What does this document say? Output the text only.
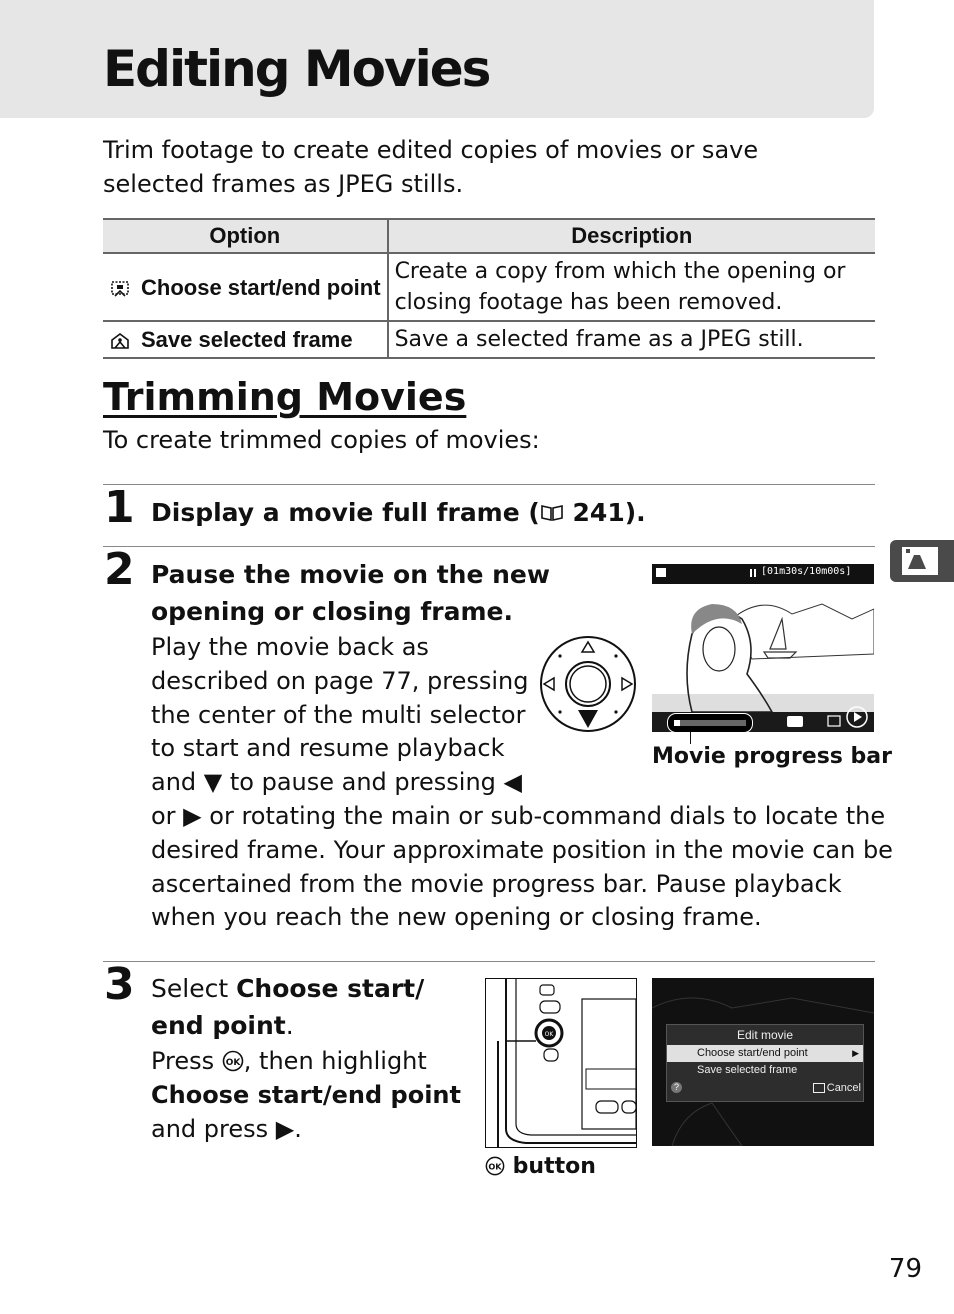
Editing Movies
Trim footage to create edited copies of movies or save selected frames as JPEG stills.
Option	Description
Choose start/end point	Create a copy from which the opening or closing footage has been removed.
Save selected frame	Save a selected frame as a JPEG still.
Trimming Movies
To create trimmed copies of movies:
1 Display a movie full frame ( 241).
2 Pause the movie on the new
opening or closing frame.
Play the movie back as
described on page 77, pressing
the center of the multi selector
to start and resume playback
and ▼ to pause and pressing ◀
or ▶ or rotating the main or sub-command dials to locate the
desired frame. Your approximate position in the movie can be
ascertained from the movie progress bar. Pause playback
when you reach the new opening or closing frame.
[01m30s/10m00s]
Movie progress bar
3 Select Choose start/
end point.
Press OK , then highlight
Choose start/end point
and press ▶.
OK
OK button
Edit movie
Choose start/end point	▶
Save selected frame
?	Cancel
79
